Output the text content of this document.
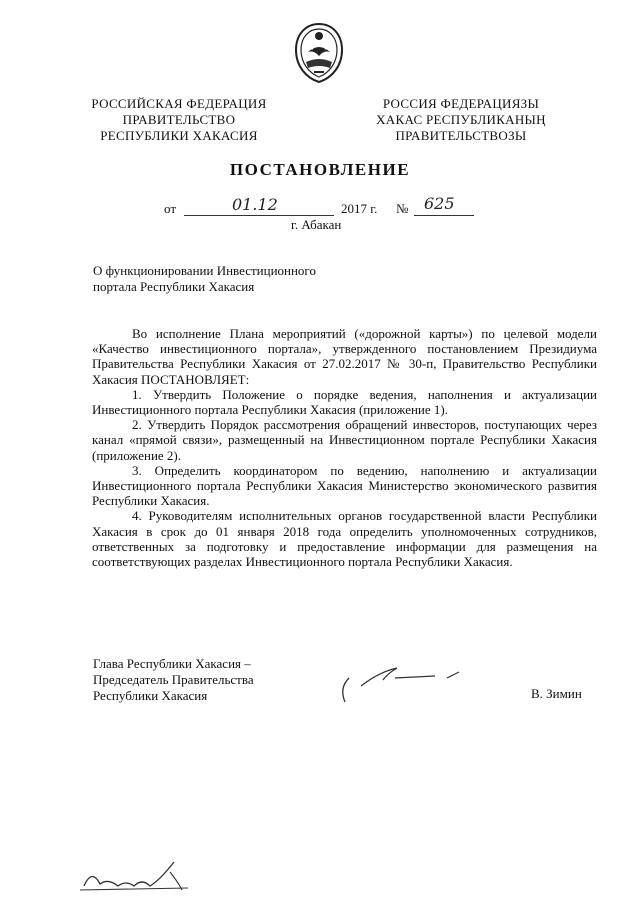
РОССИЙСКАЯ ФЕДЕРАЦИЯ
ПРАВИТЕЛЬСТВО
РЕСПУБЛИКИ ХАКАСИЯ
РОССИЯ ФЕДЕРАЦИЯЗЫ
ХАКАС РЕСПУБЛИКАНЫҢ
ПРАВИТЕЛЬСТВОЗЫ
ПОСТАНОВЛЕНИЕ
от	01.12	2017 г. № 625
г. Абакан
О функционировании Инвестиционного
портала Республики Хакасия

Во исполнение Плана мероприятий («дорожной карты») по целевой модели «Качество инвестиционного портала», утвержденного постановлением Президиума Правительства Республики Хакасия от 27.02.2017 № 30-п, Правительство Республики Хакасия ПОСТАНОВЛЯЕТ:

1. Утвердить Положение о порядке ведения, наполнения и актуализации Инвестиционного портала Республики Хакасия (приложение 1).

2. Утвердить Порядок рассмотрения обращений инвесторов, поступающих через канал «прямой связи», размещенный на Инвестиционном портале Республики Хакасия (приложение 2).

3. Определить координатором по ведению, наполнению и актуализации Инвестиционного портала Республики Хакасия Министерство экономического развития Республики Хакасия.

4. Руководителям исполнительных органов государственной власти Республики Хакасия в срок до 01 января 2018 года определить уполномоченных сотрудников, ответственных за подготовку и предоставление информации для размещения на соответствующих разделах Инвестиционного портала Республики Хакасия.

Глава Республики Хакасия –
Председатель Правительства
Республики Хакасия	В. Зимин
